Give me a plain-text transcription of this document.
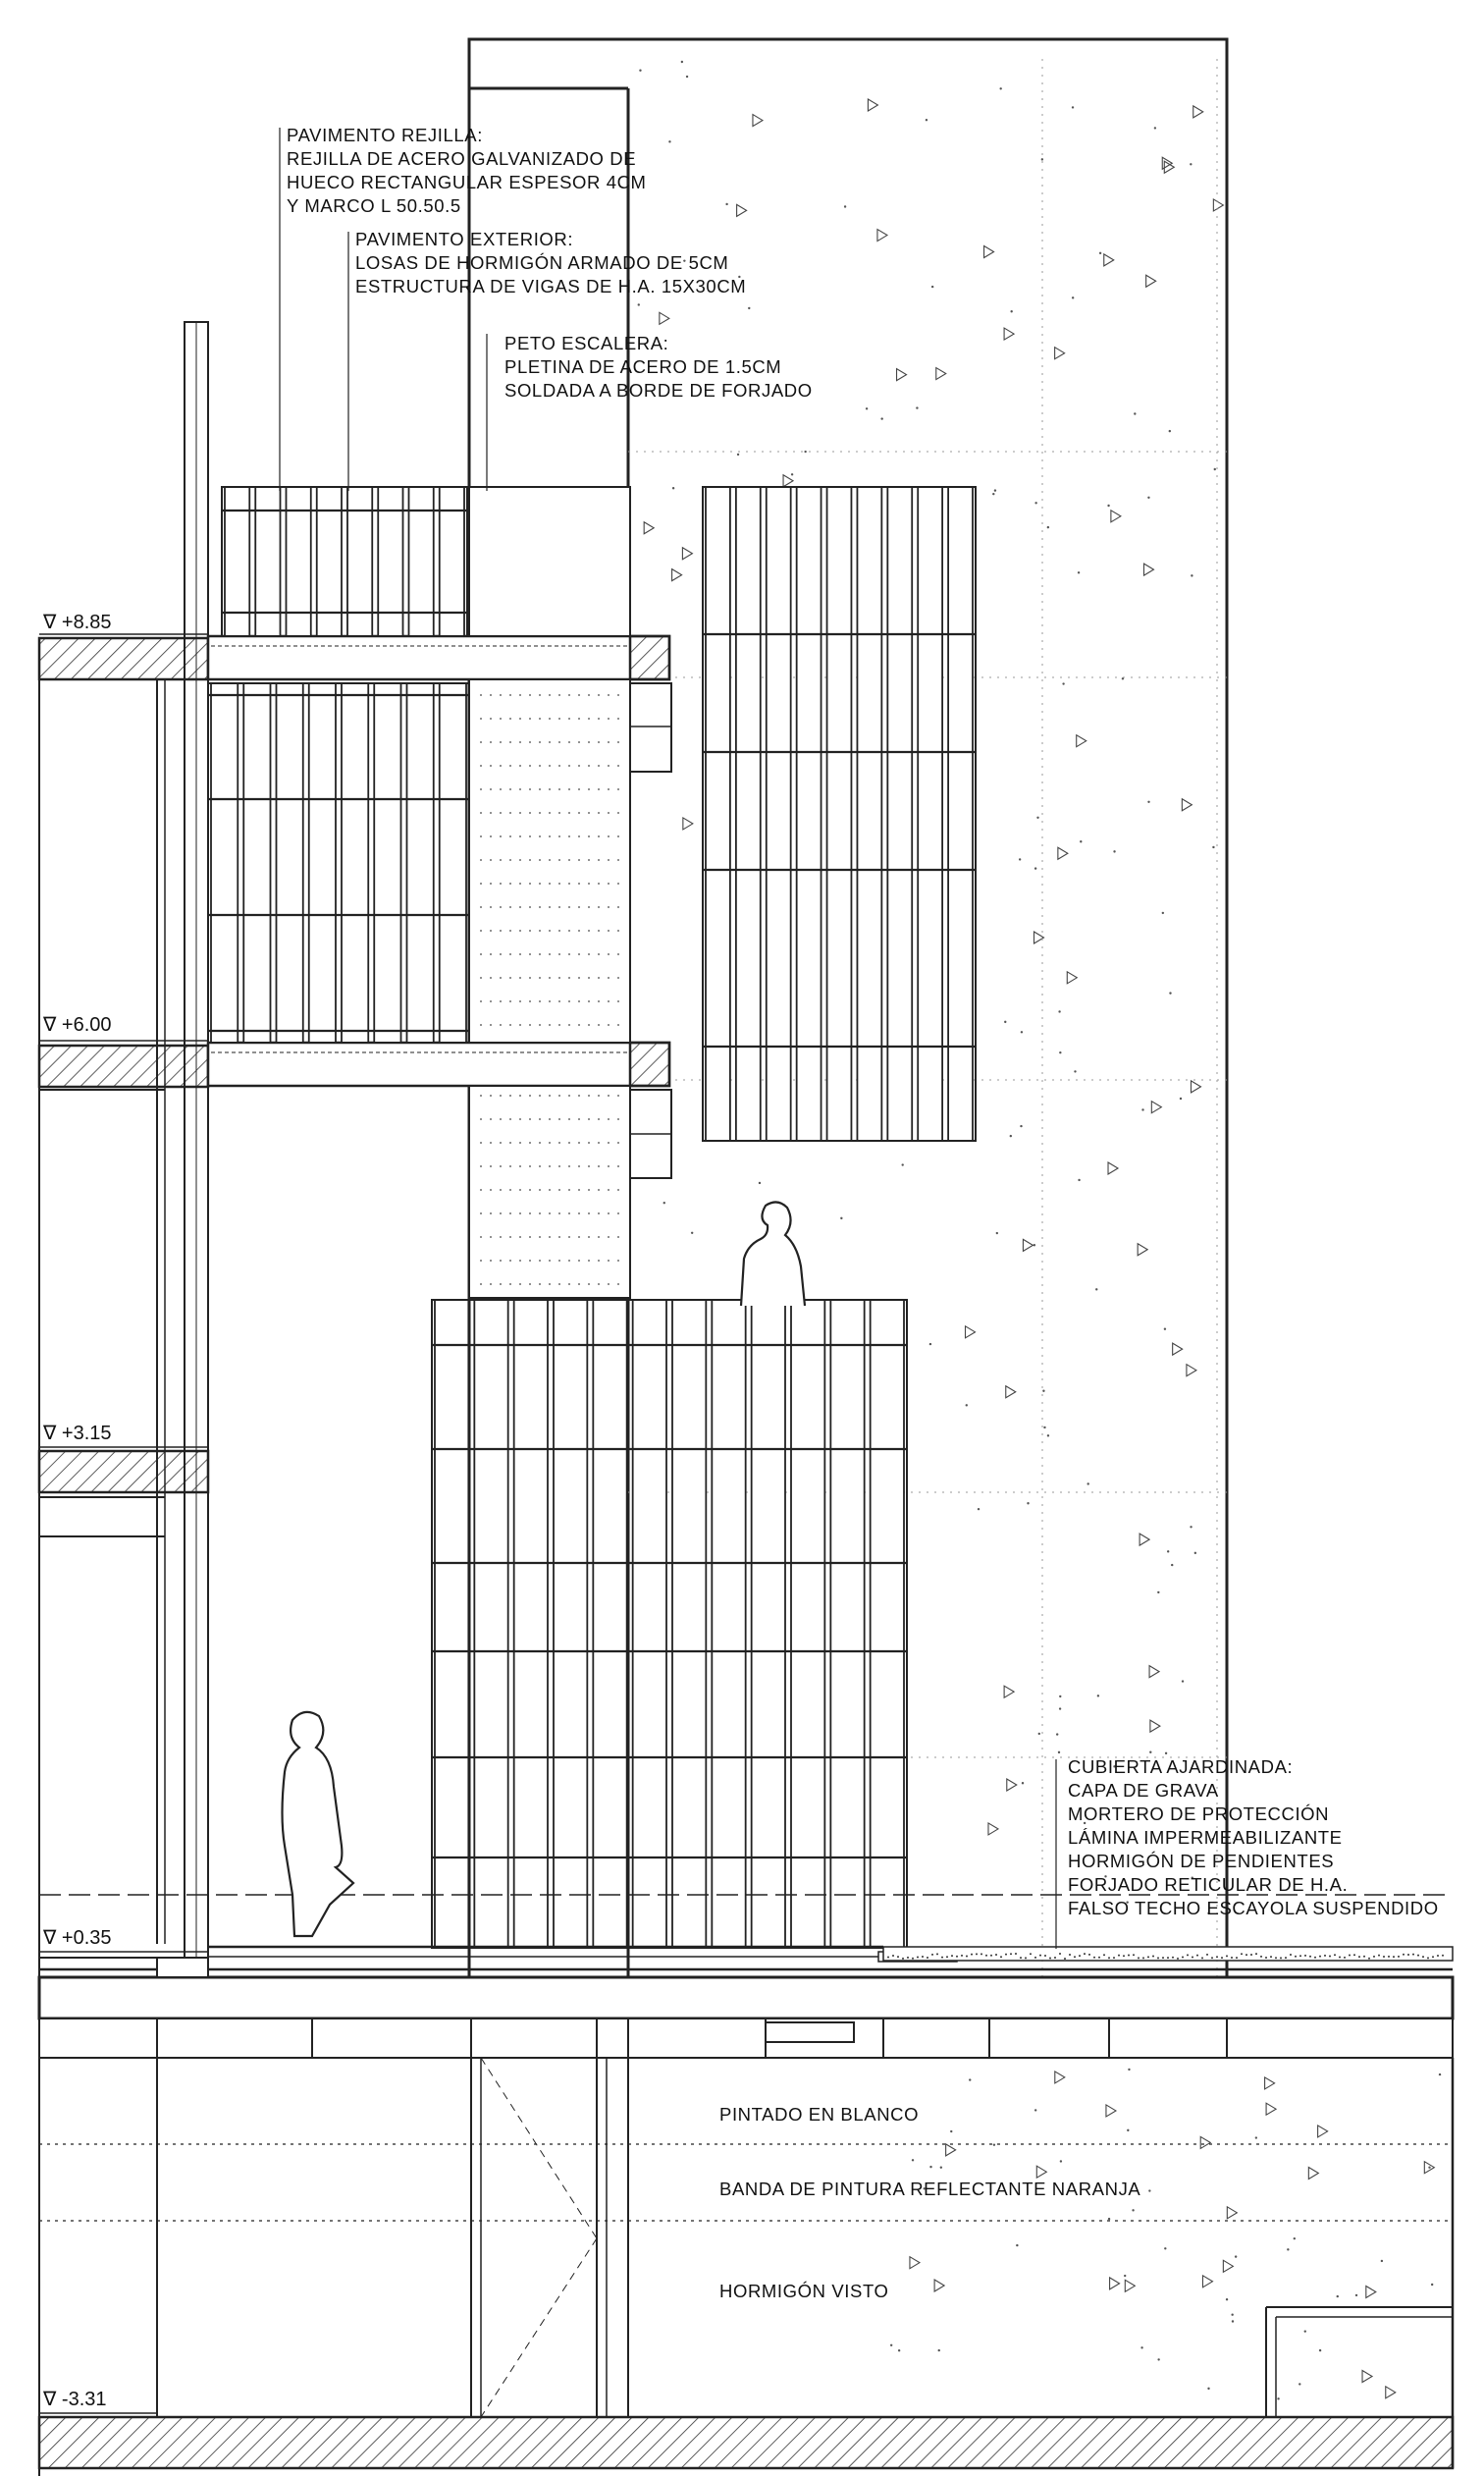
∇ +8.85
∇ +6.00
∇ +3.15
∇ +0.35
∇ -3.31
PAVIMENTO REJILLA:
REJILLA DE ACERO GALVANIZADO DE
HUECO RECTANGULAR ESPESOR 4CM
Y MARCO L 50.50.5
PAVIMENTO EXTERIOR:
LOSAS DE HORMIGÓN ARMADO DE 5CM
ESTRUCTURA DE VIGAS DE H.A. 15X30CM
PETO ESCALERA:
PLETINA DE ACERO DE 1.5CM
SOLDADA A BORDE DE FORJADO
CUBIERTA AJARDINADA:
CAPA DE GRAVA
MORTERO DE PROTECCIÓN
LÁMINA IMPERMEABILIZANTE
HORMIGÓN DE PENDIENTES
FORJADO RETICULAR DE H.A.
FALSO TECHO ESCAYOLA SUSPENDIDO
PINTADO EN BLANCO
BANDA DE PINTURA REFLECTANTE NARANJA
HORMIGÓN VISTO
